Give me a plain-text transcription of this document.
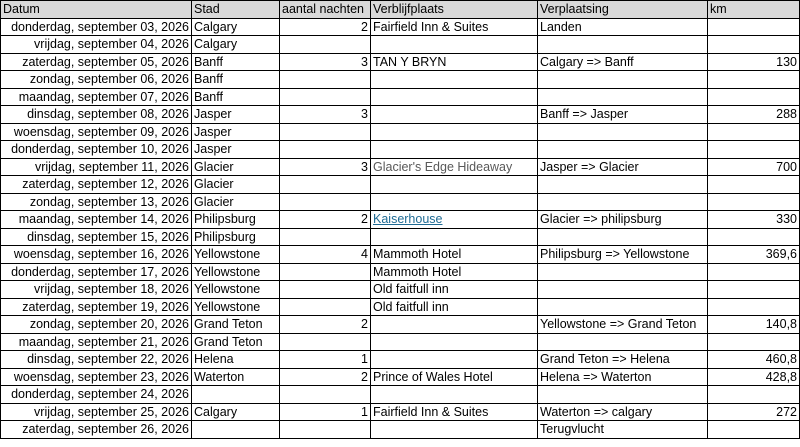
Datum	Stad	aantal nachten	Verblijfplaats	Verplaatsing	km
donderdag, september 03, 2026	Calgary	2	Fairfield Inn & Suites	Landen	
vrijdag, september 04, 2026	Calgary				
zaterdag, september 05, 2026	Banff	3	TAN Y BRYN	Calgary => Banff	130
zondag, september 06, 2026	Banff				
maandag, september 07, 2026	Banff				
dinsdag, september 08, 2026	Jasper	3		Banff => Jasper	288
woensdag, september 09, 2026	Jasper				
donderdag, september 10, 2026	Jasper				
vrijdag, september 11, 2026	Glacier	3	Glacier's Edge Hideaway	Jasper => Glacier	700
zaterdag, september 12, 2026	Glacier				
zondag, september 13, 2026	Glacier				
maandag, september 14, 2026	Philipsburg	2	Kaiserhouse	Glacier => philipsburg	330
dinsdag, september 15, 2026	Philipsburg				
woensdag, september 16, 2026	Yellowstone	4	Mammoth Hotel	Philipsburg => Yellowstone	369,6
donderdag, september 17, 2026	Yellowstone		Mammoth Hotel		
vrijdag, september 18, 2026	Yellowstone		Old faitfull inn		
zaterdag, september 19, 2026	Yellowstone		Old faitfull inn		
zondag, september 20, 2026	Grand Teton	2		Yellowstone => Grand Teton	140,8
maandag, september 21, 2026	Grand Teton				
dinsdag, september 22, 2026	Helena	1		Grand Teton => Helena	460,8
woensdag, september 23, 2026	Waterton	2	Prince of Wales Hotel	Helena => Waterton	428,8
donderdag, september 24, 2026					
vrijdag, september 25, 2026	Calgary	1	Fairfield Inn & Suites	Waterton => calgary	272
zaterdag, september 26, 2026				Terugvlucht	
